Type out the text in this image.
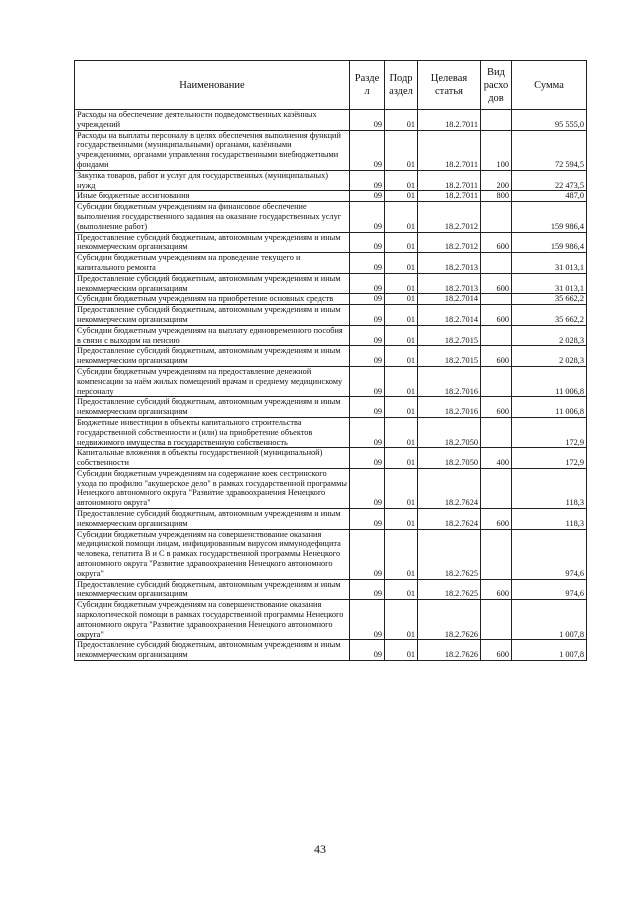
Наименование	Разде л	Подр аздел	Целевая статья	Вид расхо дов	Сумма
Расходы на обеспечение деятельности подведомственных казённых учреждений	09	01	18.2.7011		95 555,0
Расходы на выплаты персоналу в целях обеспечения выполнения функций государственными (муниципальными) органами, казёнными учреждениями, органами управления государственными внебюджетными фондами	09	01	18.2.7011	100	72 594,5
Закупка товаров, работ и услуг для государственных (муниципальных) нужд	09	01	18.2.7011	200	22 473,5
Иные бюджетные ассигнования	09	01	18.2.7011	800	487,0
Субсидии бюджетным учреждениям на финансовое обеспечение выполнения государственного задания на оказание государственных услуг (выполнение работ)	09	01	18.2.7012		159 986,4
Предоставление субсидий бюджетным, автономным учреждениям и иным некоммерческим организациям	09	01	18.2.7012	600	159 986,4
Субсидии бюджетным учреждениям на проведение текущего и капитального ремонта	09	01	18.2.7013		31 013,1
Предоставление субсидий бюджетным, автономным учреждениям и иным некоммерческим организациям	09	01	18.2.7013	600	31 013,1
Субсидии бюджетным учреждениям на приобретение основных средств	09	01	18.2.7014		35 662,2
Предоставление субсидий бюджетным, автономным учреждениям и иным некоммерческим организациям	09	01	18.2.7014	600	35 662,2
Субсидии бюджетным учреждениям на выплату единовременного пособия в связи с выходом на пенсию	09	01	18.2.7015		2 028,3
Предоставление субсидий бюджетным, автономным учреждениям и иным некоммерческим организациям	09	01	18.2.7015	600	2 028,3
Субсидии бюджетным учреждениям на предоставление денежной компенсации за наём жилых помещений врачам и среднему медицинскому персоналу	09	01	18.2.7016		11 006,8
Предоставление субсидий бюджетным, автономным учреждениям и иным некоммерческим организациям	09	01	18.2.7016	600	11 006,8
Бюджетные инвестиции в объекты капитального строительства государственной собственности и (или) на приобретение объектов недвижимого имущества в государственную собственность	09	01	18.2.7050		172,9
Капитальные вложения в объекты государственной (муниципальной) собственности	09	01	18.2.7050	400	172,9
Субсидии бюджетным учреждениям на содержание коек сестринского ухода по профилю "акушерское дело" в рамках государственной программы Ненецкого автономного округа "Развитие здравоохранения Ненецкого автономного округа"	09	01	18.2.7624		118,3
Предоставление субсидий бюджетным, автономным учреждениям и иным некоммерческим организациям	09	01	18.2.7624	600	118,3
Субсидии бюджетным учреждениям на совершенствование оказания медицинской помощи лицам, инфицированным вирусом иммунодефицита человека, гепатита В и С в рамках государственной программы Ненецкого автономного округа "Развитие здравоохранения Ненецкого автономного округа"	09	01	18.2.7625		974,6
Предоставление субсидий бюджетным, автономным учреждениям и иным некоммерческим организациям	09	01	18.2.7625	600	974,6
Субсидии бюджетным учреждениям на совершенствование оказания наркологической помощи в рамках государственной программы Ненецкого автономного округа "Развитие здравоохранения Ненецкого автономного округа"	09	01	18.2.7626		1 007,8
Предоставление субсидий бюджетным, автономным учреждениям и иным некоммерческим организациям	09	01	18.2.7626	600	1 007,8
43
